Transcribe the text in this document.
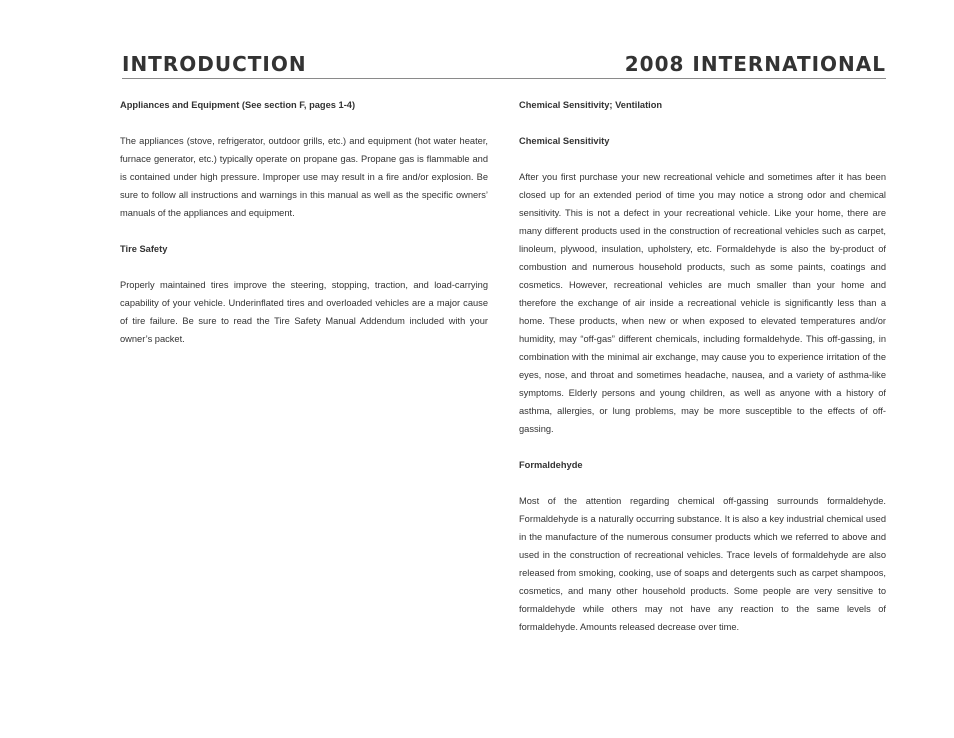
INTRODUCTION	2008 INTERNATIONAL

Appliances and Equipment (See section F, pages 1-4)

The appliances (stove, refrigerator, outdoor grills, etc.) and equipment (hot water heater, furnace generator, etc.) typically operate on propane gas. Propane gas is flammable and is contained under high pressure. Improper use may result in a fire and/or explosion. Be sure to follow all instructions and warnings in this manual as well as the specific owners’ manuals of the appliances and equipment.

Tire Safety

Properly maintained tires improve the steering, stopping, traction, and load-carrying capability of your vehicle. Underinflated tires and overloaded vehicles are a major cause of tire failure. Be sure to read the Tire Safety Manual Addendum included with your owner’s packet.

Chemical Sensitivity; Ventilation

Chemical Sensitivity

After you first purchase your new recreational vehicle and sometimes after it has been closed up for an extended period of time you may notice a strong odor and chemical sensitivity. This is not a defect in your recreational vehicle. Like your home, there are many different products used in the construction of recreational vehicles such as carpet, linoleum, plywood, insulation, upholstery, etc. Formaldehyde is also the by-product of combustion and numerous household products, such as some paints, coatings and cosmetics. However, recreational vehicles are much smaller than your home and therefore the exchange of air inside a recreational vehicle is significantly less than a home. These products, when new or when exposed to elevated temperatures and/or humidity, may “off-gas” different chemicals, including formaldehyde. This off-gassing, in combination with the minimal air exchange, may cause you to experience irritation of the eyes, nose, and throat and sometimes headache, nausea, and a variety of asthma-like symptoms. Elderly persons and young children, as well as anyone with a history of asthma, allergies, or lung problems, may be more susceptible to the effects of off-gassing.

Formaldehyde

Most of the attention regarding chemical off-gassing surrounds formaldehyde. Formaldehyde is a naturally occurring substance. It is also a key industrial chemical used in the manufacture of the numerous consumer products which we referred to above and used in the construction of recreational vehicles. Trace levels of formaldehyde are also released from smoking, cooking, use of soaps and detergents such as carpet shampoos, cosmetics, and many other household products. Some people are very sensitive to formaldehyde while others may not have any reaction to the same levels of formaldehyde. Amounts released decrease over time.
